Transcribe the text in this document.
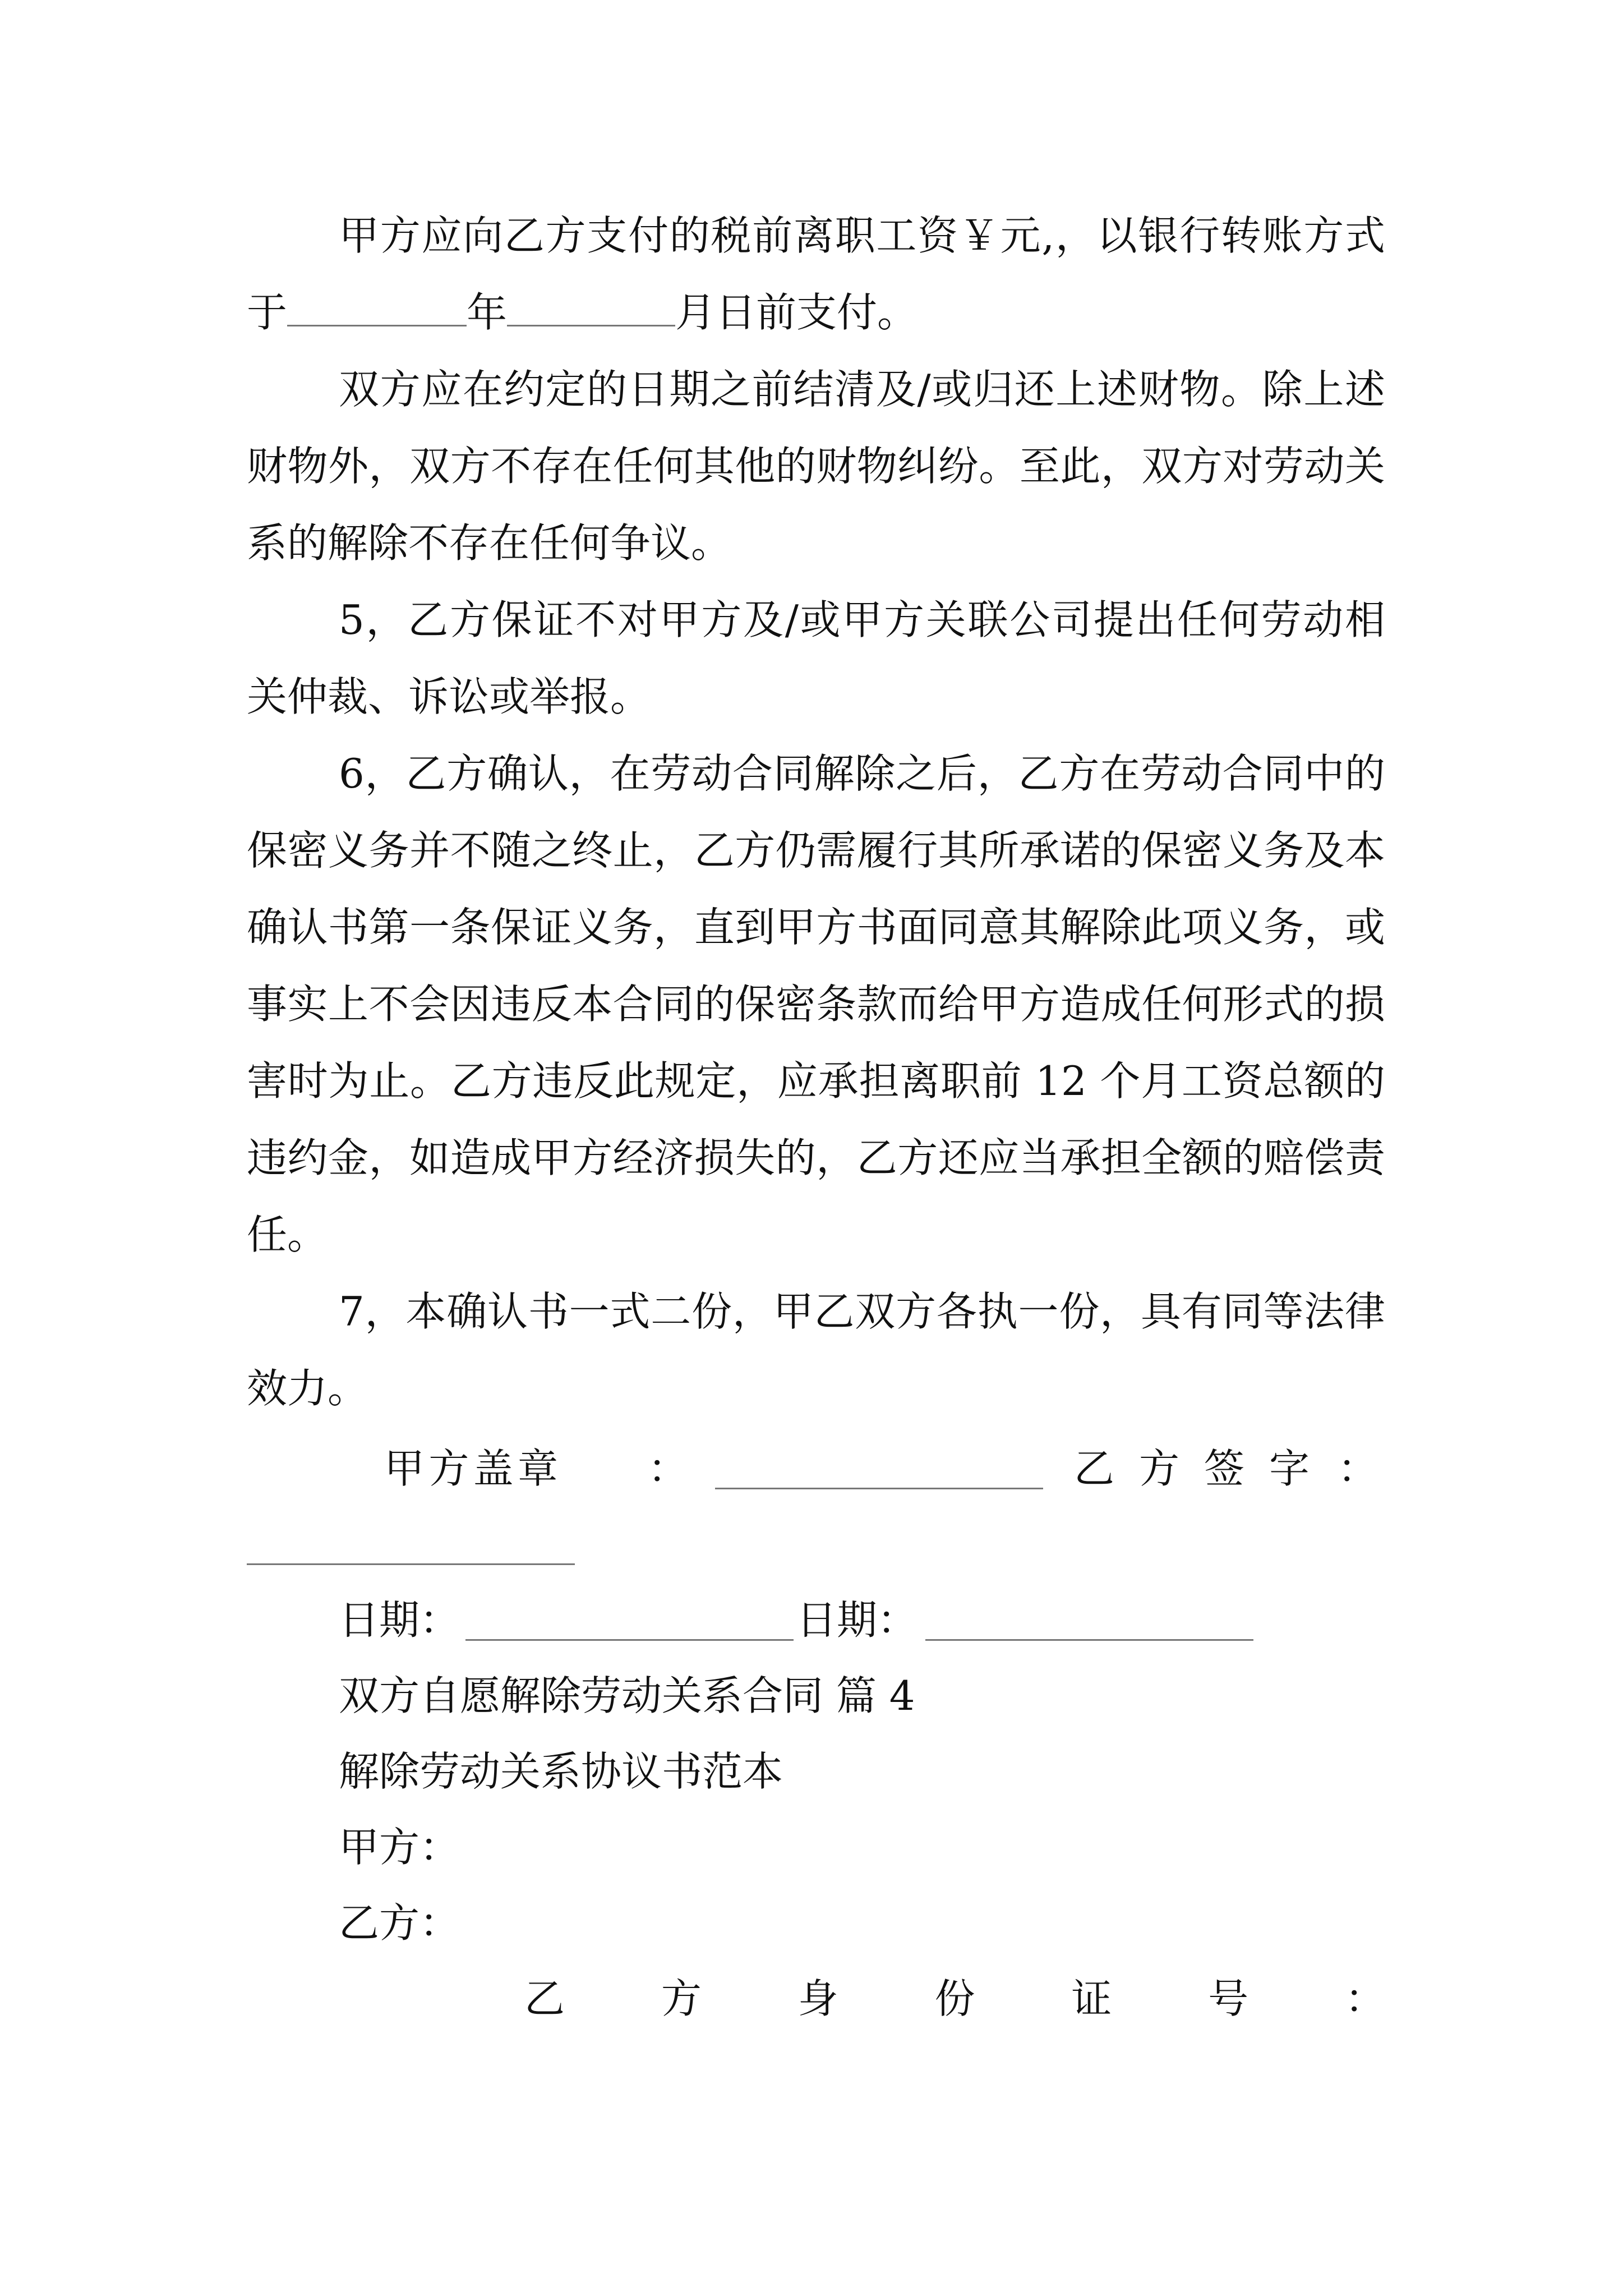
甲方应向乙方支付的税前离职工资￥元,，以银行转账方式于	年	月日前支付。

双方应在约定的日期之前结清及/或归还上述财物。除上述财物外，双方不存在任何其他的财物纠纷。至此，双方对劳动关系的解除不存在任何争议。

5，乙方保证不对甲方及/或甲方关联公司提出任何劳动相关仲裁、诉讼或举报。

6，乙方确认，在劳动合同解除之后，乙方在劳动合同中的保密义务并不随之终止，乙方仍需履行其所承诺的保密义务及本确认书第一条保证义务，直到甲方书面同意其解除此项义务，或事实上不会因违反本合同的保密条款而给甲方造成任何形式的损害时为止。乙方违反此规定，应承担离职前 12 个月工资总额的违约金，如造成甲方经济损失的，乙方还应当承担全额的赔偿责任。

7，本确认书一式二份，甲乙双方各执一份，具有同等法律效力。

甲 方 盖 章 ：	乙 方 签 字 ：
日期：	日期：
双方自愿解除劳动关系合同 篇 4
解除劳动关系协议书范本
甲方：
乙方：
乙 方 身 份 证 号 ：
